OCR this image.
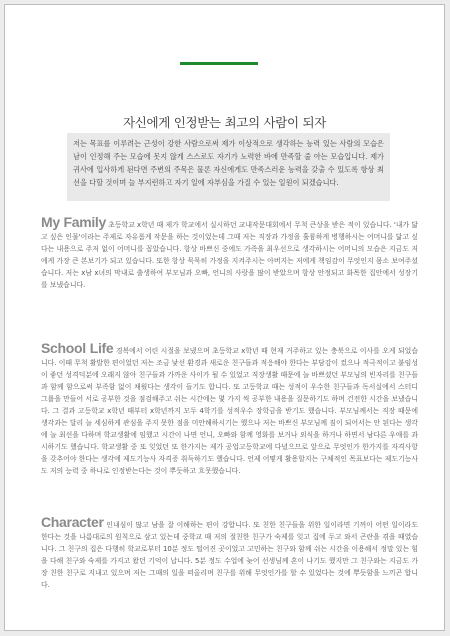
자신에게 인정받는 최고의 사람이 되자
저는 목표를 이루려는 근성이 강한 사람으로써 제가 이상적으로 생각하는 능력 있는 사람의 모습은 남이 인정해 주는 모습에 못지 않게 스스로도 자기가 노력한 바에 만족할 줄 아는 모습입니다. 제가 귀사에 입사하게 된다면 주변의 주목은 물론 자신에게도 만족스러운 능력을 갖출 수 있도록 항상 최선을 다할 것이며 늘 부지런하고 자기 일에 자부심을 가질 수 있는 일원이 되겠습니다.
My Family 초등학교 x학년 때 제가 학교에서 실시하던 교내작문대회에서 무척 큰상을 받은 적이 있습니다. '내가 닮고 싶은 인물'이라는 주제로 자유롭게 작문을 하는 것이었는데 그때 저는 직장과 가정을 훌륭하게 병행하시는 어머니를 닮고 싶다는 내용으로 주저 없이 어머니를 꼽았습니다. 항상 바쁘신 중에도 가족을 최우선으로 생각하시는 어머니의 모습은 지금도 저에게 가장 큰 본보기가 되고 있습니다. 또한 항상 묵묵히 가정을 지켜주시는 아버지는 저에게 책임감이 무엇인지 몸소 보여주셨습니다. 저는 x남 x녀의 막내로 출생하여 부모님과 오빠, 언니의 사랑을 많이 받았으며 항상 안정되고 화목한 집안에서 성장기를 보냈습니다.
School Life 경복에서 어린 시절을 보냈으며 초등학교 x학년 때 현재 거주하고 있는 충북으로 이사를 오게 되었습니다. 이때 무척 활발한 편이었던 저는 조금 낯선 환경과 새로운 친구들과 적응해야 한다는 부담감이 컸으나 적극적이고 붙임성이 좋던 성격덕분에 오래지 않아 친구들과 가까운 사이가 될 수 있었고 직장생활 때문에 늘 바쁘셨던 부모님의 빈자리를 친구들과 함께 함으로써 부족함 없이 채웠다는 생각이 들기도 합니다. 또 고등학교 때는 성적이 우수한 친구들과 독서실에서 스터디 그룹을 만들어 서로 공부한 것을 점검해주고 쉬는 시간에는 몇 가지 씩 공부한 내용을 질문하기도 하며 건전한 시간을 보냈습니다. 그 결과 고등학교 x학년 때부터 x학년까지 모두 4학기를 성적우수 장학금을 받기도 했습니다. 부모님께서는 직장 때문에 생각과는 달리 늘 세심하게 관심을 주지 못한 점을 미안해하시기는 했으나 저는 바쁘신 부모님께 짐이 되어서는 안 된다는 생각에 늘 최선을 다하며 학교생활에 임했고 시간이 나면 언니, 오빠와 함께 영화를 보거나 외식을 하거나 하면서 남다른 우애를 과시하기도 했습니다. 학교생활 중 또 잊었던 또 한가지는 제가 공업고등학교에 다녔으므로 앞으로 무엇인가 한가지를 자격사항을 갖추어야 한다는 생각에 제도기능사 자격증 취득하기도 했습니다. 언제 어떻게 활용할지는 구체적인 목표보다는 제도기능사도 저의 능력 중 하나로 인정받는다는 것이 뿌듯하고 흐뭇했습니다.
Character 인내심이 많고 남을 잘 이해하는 편이 강합니다. 또 친한 친구들을 위한 일이라면 기꺼이 어떤 일이라도 한다는 것을 나름대로의 원칙으로 삼고 있는데 중학교 때 저의 절친한 친구가 숙제를 잊고 집에 두고 와서 곤란을 겪을 때였습니다. 그 친구의 집은 다행히 학교로부터 10분 정도 떨어진 곳이었고 고민하는 친구와 함께 쉬는 시간을 이용해서 정말 있는 힘을 다해 친구와 숙제를 가지고 왔던 기억이 납니다. 5분 정도 수업에 늦어 선생님께 혼이 나기도 했지만 그 친구와는 지금도 가장 친한 친구로 지내고 있으며 저는 그때의 일을 떠올리며 친구를 위해 무엇인가를 할 수 있었다는 것에 뿌듯함을 느끼곤 합니다.
